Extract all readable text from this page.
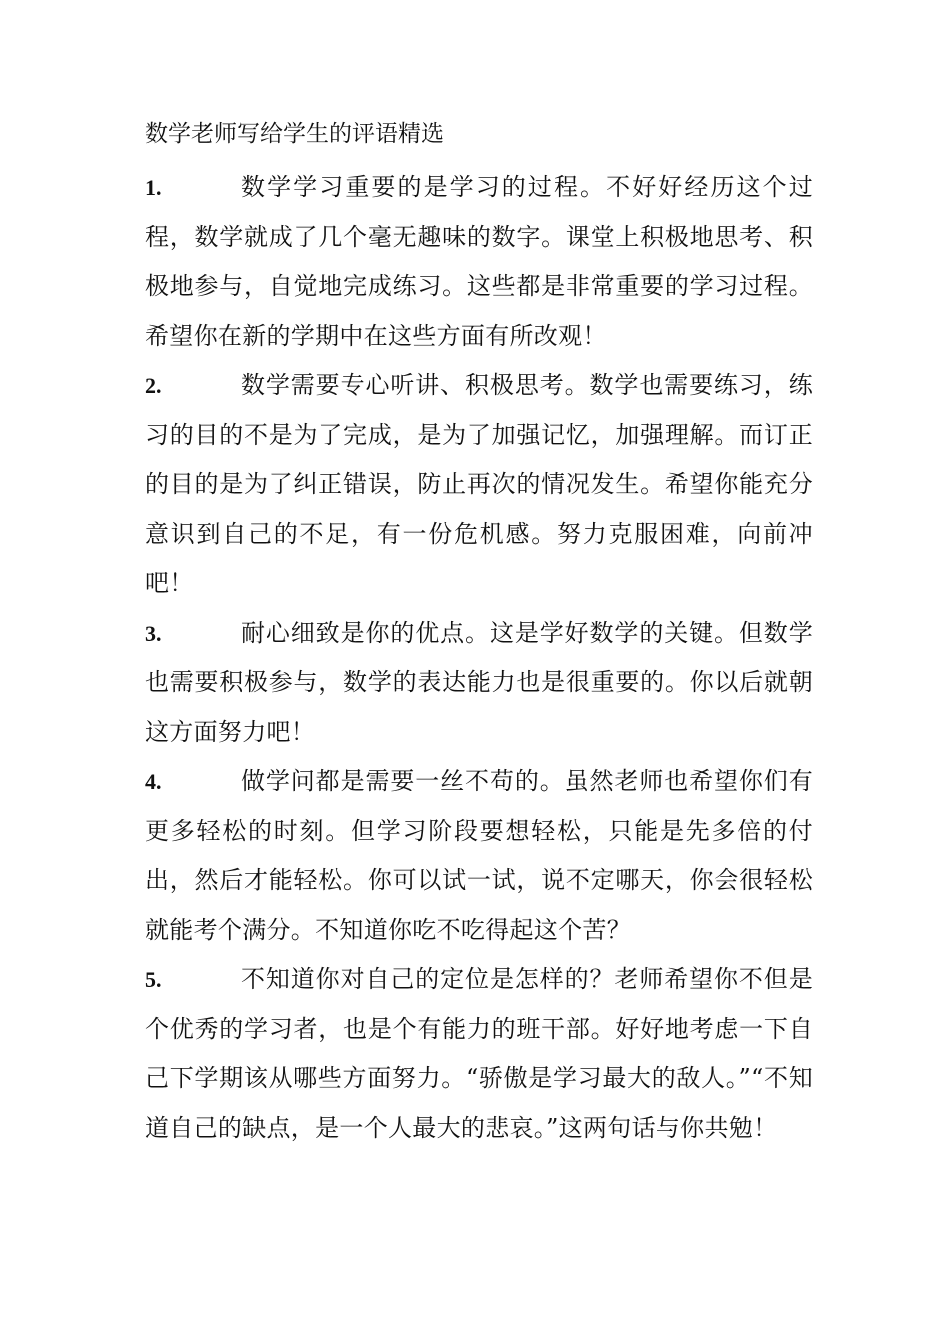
数学老师写给学生的评语精选
1.	数学学习重要的是学习的过程。不好好经历这个过程，数学就成了几个毫无趣味的数字。课堂上积极地思考、积极地参与，自觉地完成练习。这些都是非常重要的学习过程。希望你在新的学期中在这些方面有所改观！
2.	数学需要专心听讲、积极思考。数学也需要练习，练习的目的不是为了完成，是为了加强记忆，加强理解。而订正的目的是为了纠正错误，防止再次的情况发生。希望你能充分意识到自己的不足，有一份危机感。努力克服困难，向前冲吧！
3.	耐心细致是你的优点。这是学好数学的关键。但数学也需要积极参与，数学的表达能力也是很重要的。你以后就朝这方面努力吧！
4.	做学问都是需要一丝不苟的。虽然老师也希望你们有更多轻松的时刻。但学习阶段要想轻松，只能是先多倍的付出，然后才能轻松。你可以试一试，说不定哪天，你会很轻松就能考个满分。不知道你吃不吃得起这个苦？
5.	不知道你对自己的定位是怎样的？老师希望你不但是个优秀的学习者，也是个有能力的班干部。好好地考虑一下自己下学期该从哪些方面努力。“骄傲是学习最大的敌人。”“不知道自己的缺点，是一个人最大的悲哀。”这两句话与你共勉！
